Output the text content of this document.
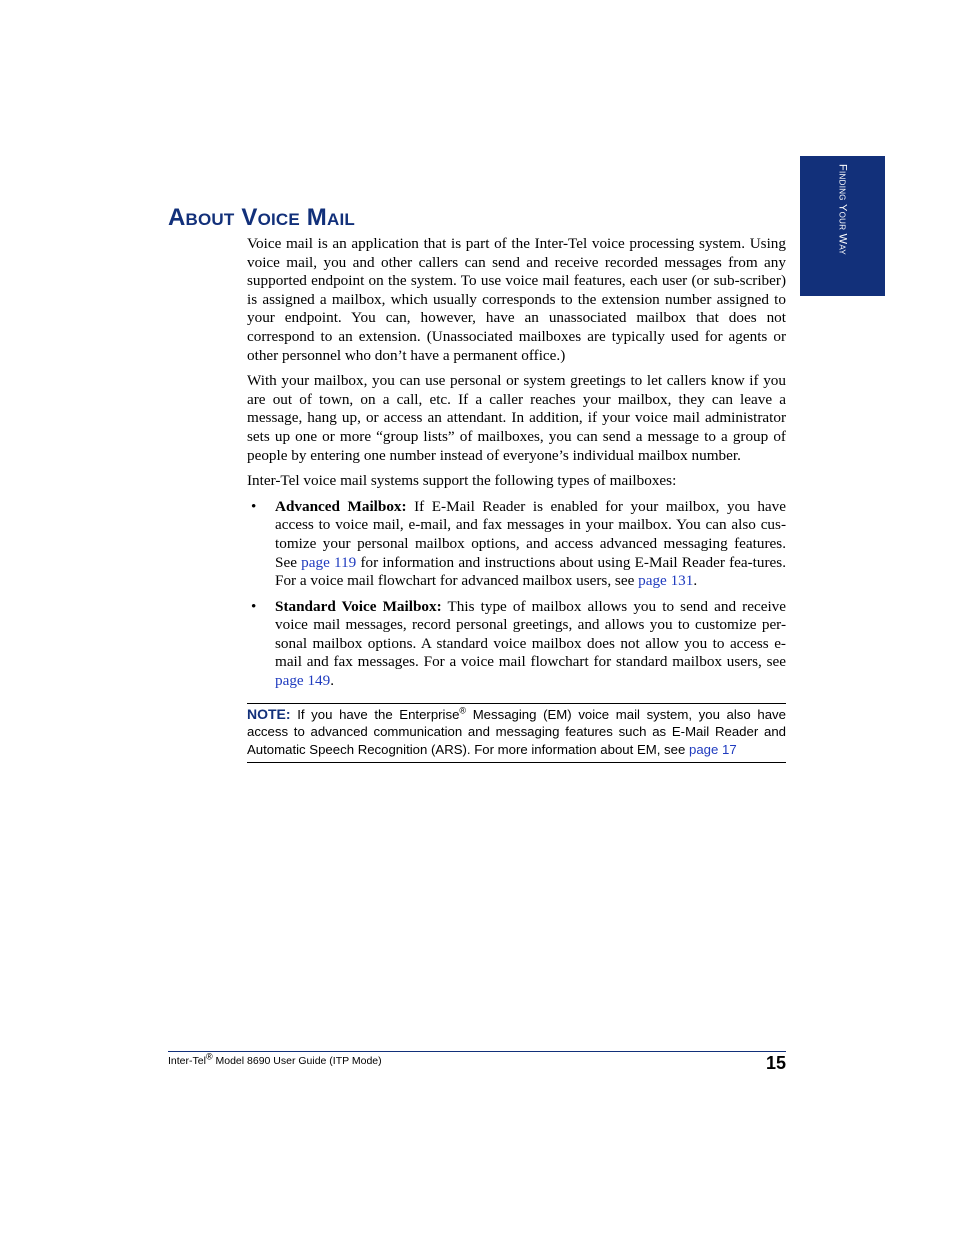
Finding Your Way
About Voice Mail

Voice mail is an application that is part of the Inter-Tel voice processing system. Using voice mail, you and other callers can send and receive recorded messages from any supported endpoint on the system. To use voice mail features, each user (or sub-scriber) is assigned a mailbox, which usually corresponds to the extension number assigned to your endpoint. You can, however, have an unassociated mailbox that does not correspond to an extension. (Unassociated mailboxes are typically used for agents or other personnel who don’t have a permanent office.)

With your mailbox, you can use personal or system greetings to let callers know if you are out of town, on a call, etc. If a caller reaches your mailbox, they can leave a message, hang up, or access an attendant. In addition, if your voice mail administrator sets up one or more “group lists” of mailboxes, you can send a message to a group of people by entering one number instead of everyone’s individual mailbox number.

Inter-Tel voice mail systems support the following types of mailboxes:

• Advanced Mailbox: If E-Mail Reader is enabled for your mailbox, you have access to voice mail, e-mail, and fax messages in your mailbox. You can also cus-tomize your personal mailbox options, and access advanced messaging features. See page 119 for information and instructions about using E-Mail Reader fea-tures. For a voice mail flowchart for advanced mailbox users, see page 131.
• Standard Voice Mailbox: This type of mailbox allows you to send and receive voice mail messages, record personal greetings, and allows you to customize per-sonal mailbox options. A standard voice mailbox does not allow you to access e-mail and fax messages. For a voice mail flowchart for standard mailbox users, see page 149.
NOTE: If you have the Enterprise® Messaging (EM) voice mail system, you also have access to advanced communication and messaging features such as E-Mail Reader and Automatic Speech Recognition (ARS). For more information about EM, see page 17
Inter-Tel® Model 8690 User Guide (ITP Mode)	15
